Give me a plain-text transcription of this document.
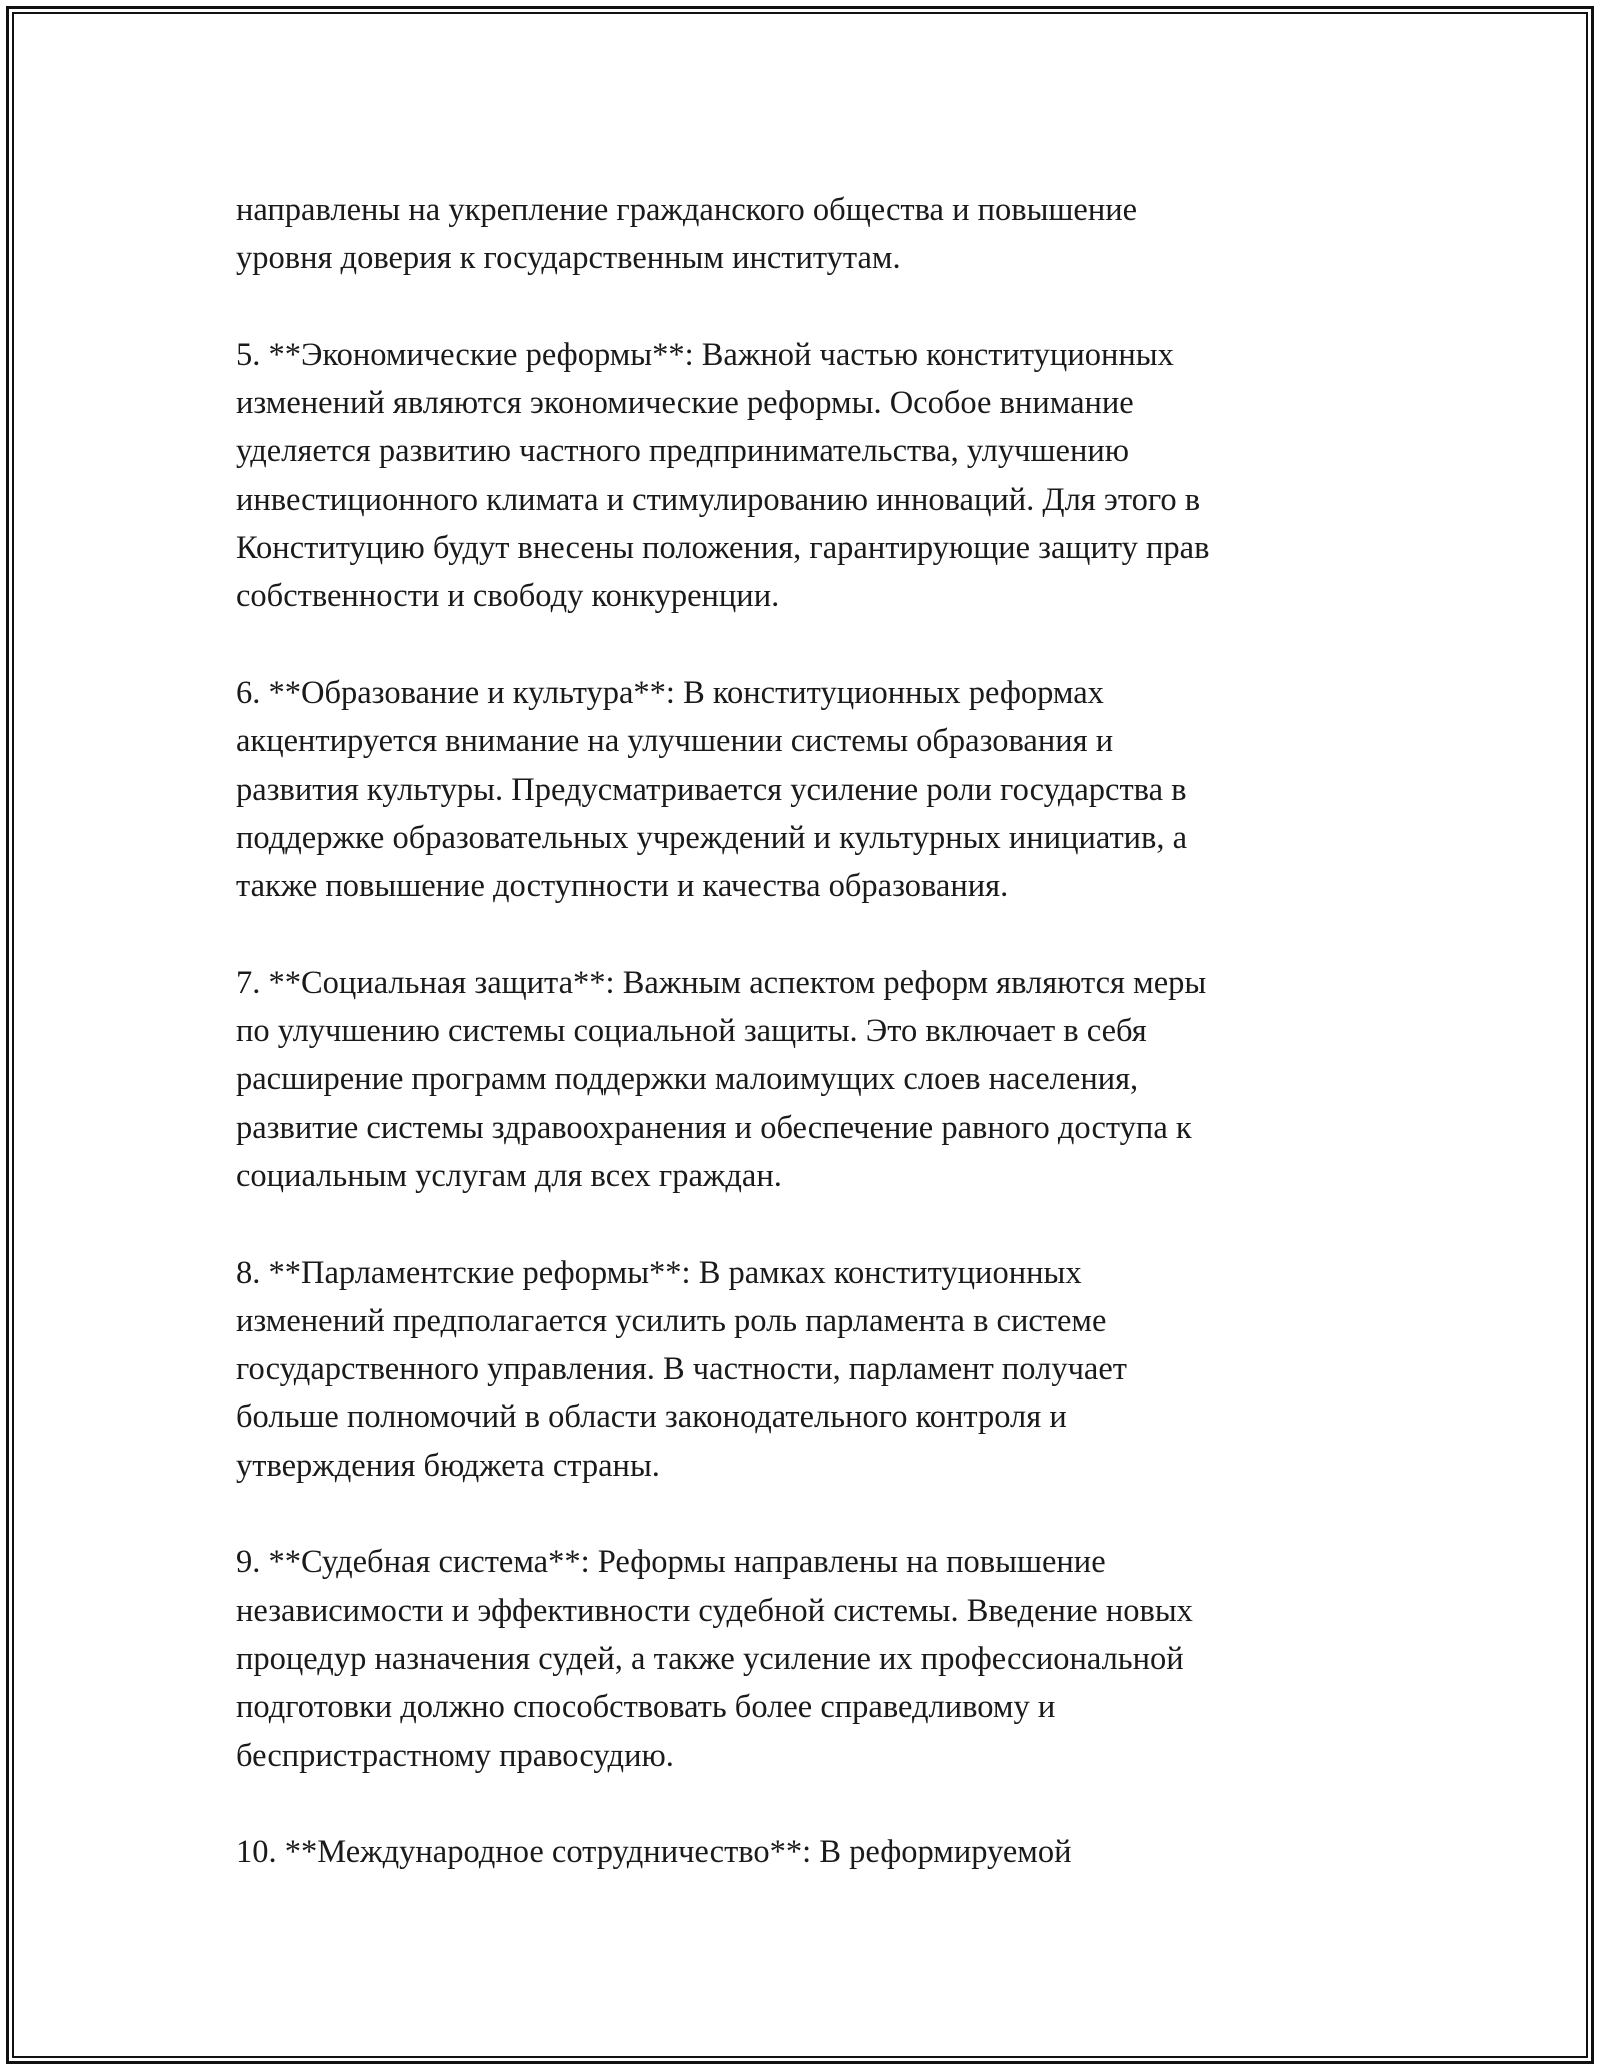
направлены на укрепление гражданского общества и повышение
уровня доверия к государственным институтам.

5. **Экономические реформы**: Важной частью конституционных
изменений являются экономические реформы. Особое внимание
уделяется развитию частного предпринимательства, улучшению
инвестиционного климата и стимулированию инноваций. Для этого в
Конституцию будут внесены положения, гарантирующие защиту прав
собственности и свободу конкуренции.

6. **Образование и культура**: В конституционных реформах
акцентируется внимание на улучшении системы образования и
развития культуры. Предусматривается усиление роли государства в
поддержке образовательных учреждений и культурных инициатив, а
также повышение доступности и качества образования.

7. **Социальная защита**: Важным аспектом реформ являются меры
по улучшению системы социальной защиты. Это включает в себя
расширение программ поддержки малоимущих слоев населения,
развитие системы здравоохранения и обеспечение равного доступа к
социальным услугам для всех граждан.

8. **Парламентские реформы**: В рамках конституционных
изменений предполагается усилить роль парламента в системе
государственного управления. В частности, парламент получает
больше полномочий в области законодательного контроля и
утверждения бюджета страны.

9. **Судебная система**: Реформы направлены на повышение
независимости и эффективности судебной системы. Введение новых
процедур назначения судей, а также усиление их профессиональной
подготовки должно способствовать более справедливому и
беспристрастному правосудию.

10. **Международное сотрудничество**: В реформируемой
